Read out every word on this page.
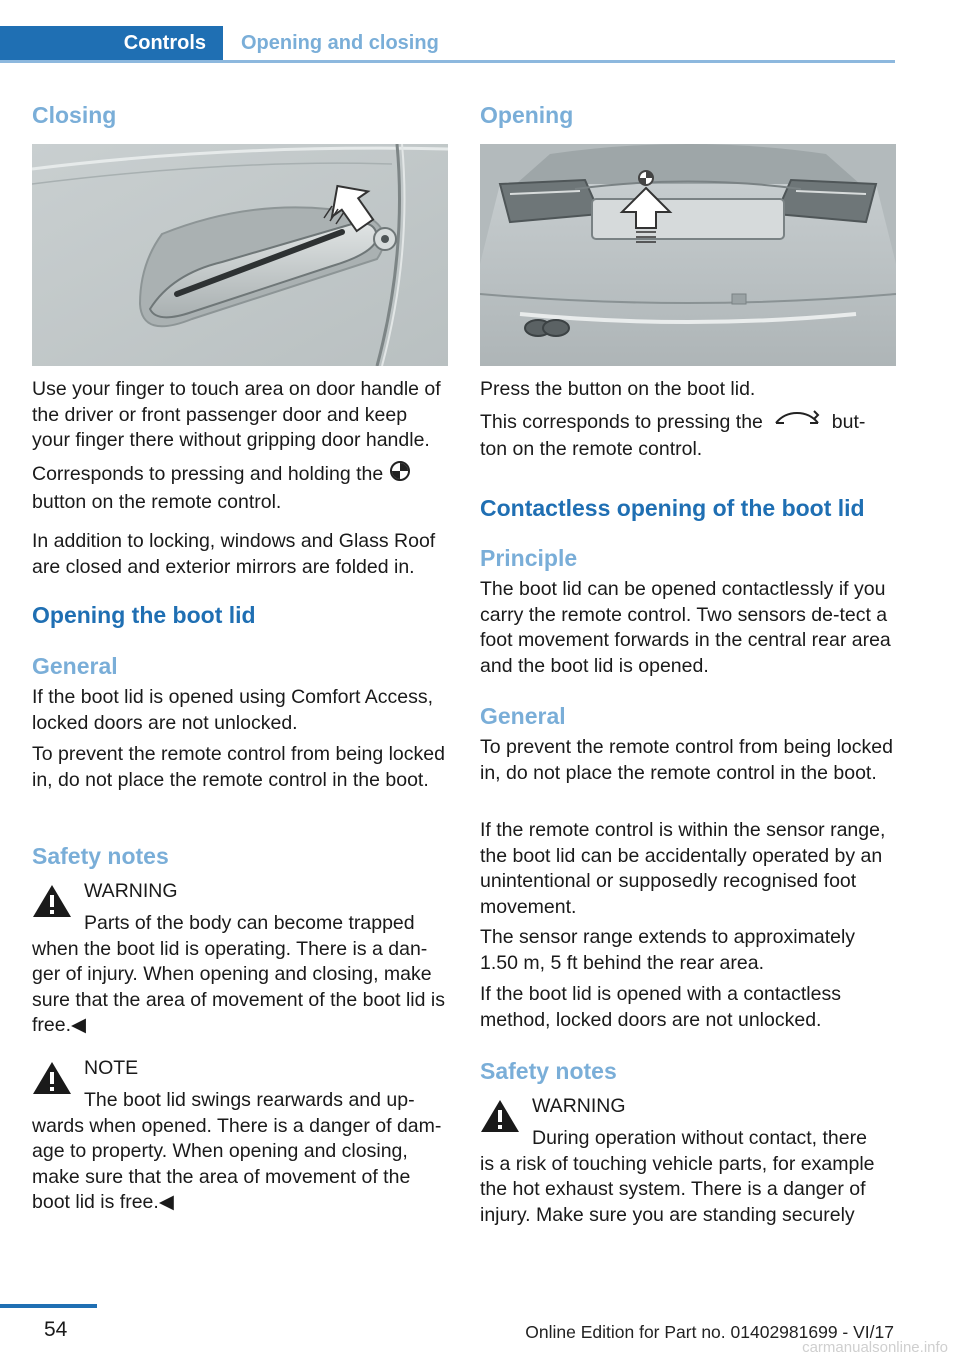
Controls	Opening and closing
Closing

Use your finger to touch area on door handle of the driver or front passenger door and keep your finger there without gripping door handle.

Corresponds to pressing and holding the
button on the remote control.

In addition to locking, windows and Glass Roof are closed and exterior mirrors are folded in.

Opening the boot lid
General

If the boot lid is opened using Comfort Access, locked doors are not unlocked.

To prevent the remote control from being locked in, do not place the remote control in the boot.

Safety notes
WARNING
Parts of the body can become trapped
when the boot lid is operating. There is a dan‐ger of injury. When opening and closing, make sure that the area of movement of the boot lid is free.◀
NOTE
The boot lid swings rearwards and up‐
wards when opened. There is a danger of dam‐age to property. When opening and closing, make sure that the area of movement of the boot lid is free.◀
Opening

Press the button on the boot lid.

This corresponds to pressing the	but‐
ton on the remote control.

Contactless opening of the boot lid
Principle

The boot lid can be opened contactlessly if you carry the remote control. Two sensors de‐tect a foot movement forwards in the central rear area and the boot lid is opened.

General

To prevent the remote control from being locked in, do not place the remote control in the boot.

If the remote control is within the sensor range, the boot lid can be accidentally operated by an unintentional or supposedly recognised foot movement.

The sensor range extends to approximately 1.50 m, 5 ft behind the rear area.

If the boot lid is opened with a contactless method, locked doors are not unlocked.

Safety notes
WARNING
During operation without contact, there
is a risk of touching vehicle parts, for example the hot exhaust system. There is a danger of injury. Make sure you are standing securely
54	Online Edition for Part no. 01402981699 - VI/17
carmanualsonline.info
